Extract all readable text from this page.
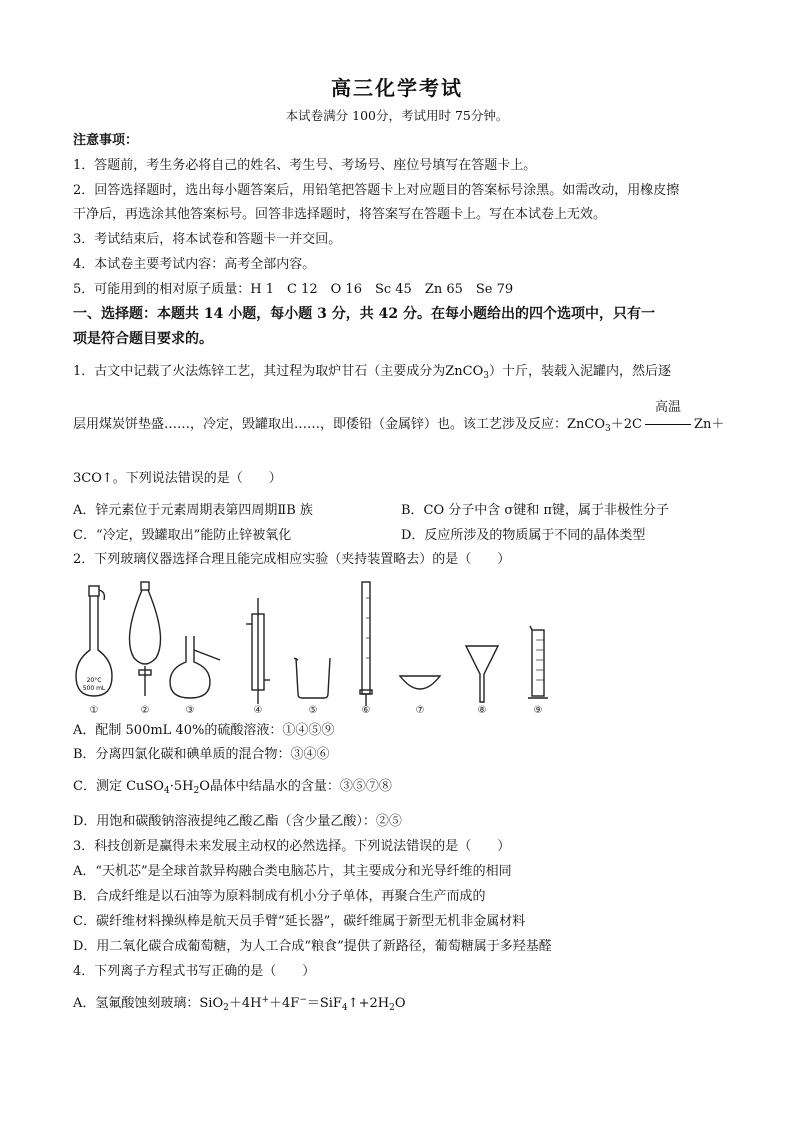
高三化学考试
本试卷满分 100分，考试用时 75分钟。
注意事项：
1．答题前，考生务必将自己的姓名、考生号、考场号、座位号填写在答题卡上。
2．回答选择题时，选出每小题答案后，用铅笔把答题卡上对应题目的答案标号涂黑。如需改动，用橡皮擦
干净后，再选涂其他答案标号。回答非选择题时，将答案写在答题卡上。写在本试卷上无效。
3．考试结束后，将本试卷和答题卡一并交回。
4．本试卷主要考试内容：高考全部内容。
5．可能用到的相对原子质量：H 1　C 12　O 16　Sc 45　Zn 65　Se 79
一、选择题：本题共 14 小题，每小题 3 分，共 42 分。在每小题给出的四个选项中，只有一
项是符合题目要求的。
1．古文中记载了火法炼锌工艺，其过程为取炉甘石（主要成分为ZnCO$_3$）十斤，装载入泥罐内，然后逐
层用煤炭饼垫盛……，冷定，毁罐取出……，即倭铅（金属锌）也。该工艺涉及反应：ZnCO$_3$＋2C
高温
Zn＋
3CO↑。下列说法错误的是（　　）
A．锌元素位于元素周期表第四周期ⅡB 族	B．CO 分子中含 σ键和 π键，属于非极性分子
C．“冷定，毁罐取出”能防止锌被氧化	D．反应所涉及的物质属于不同的晶体类型
2．下列玻璃仪器选择合理且能完成相应实验（夹持装置略去）的是（　　）
20°C
500 mL
①	②	③	④	⑤	⑥	⑦	⑧	⑨
A．配制 500mL 40%的硫酸溶液：①④⑤⑨
B．分离四氯化碳和碘单质的混合物：③④⑥
C．测定 $CuSO_4\cdot 5H_2O$晶体中结晶水的含量：③⑤⑦⑧
D．用饱和碳酸钠溶液提纯乙酸乙酯（含少量乙酸）：②⑤
3．科技创新是赢得未来发展主动权的必然选择。下列说法错误的是（　　）
A．“天机芯”是全球首款异构融合类电脑芯片，其主要成分和光导纤维的相同
B．合成纤维是以石油等为原料制成有机小分子单体，再聚合生产而成的
C．碳纤维材料操纵棒是航天员手臂“延长器”，碳纤维属于新型无机非金属材料
D．用二氧化碳合成葡萄糖，为人工合成“粮食”提供了新路径，葡萄糖属于多羟基醛
4．下列离子方程式书写正确的是（　　）
A．氢氟酸蚀刻玻璃：$SiO_2+4H^++4F^-=SiF_4↑+2H_2O$
